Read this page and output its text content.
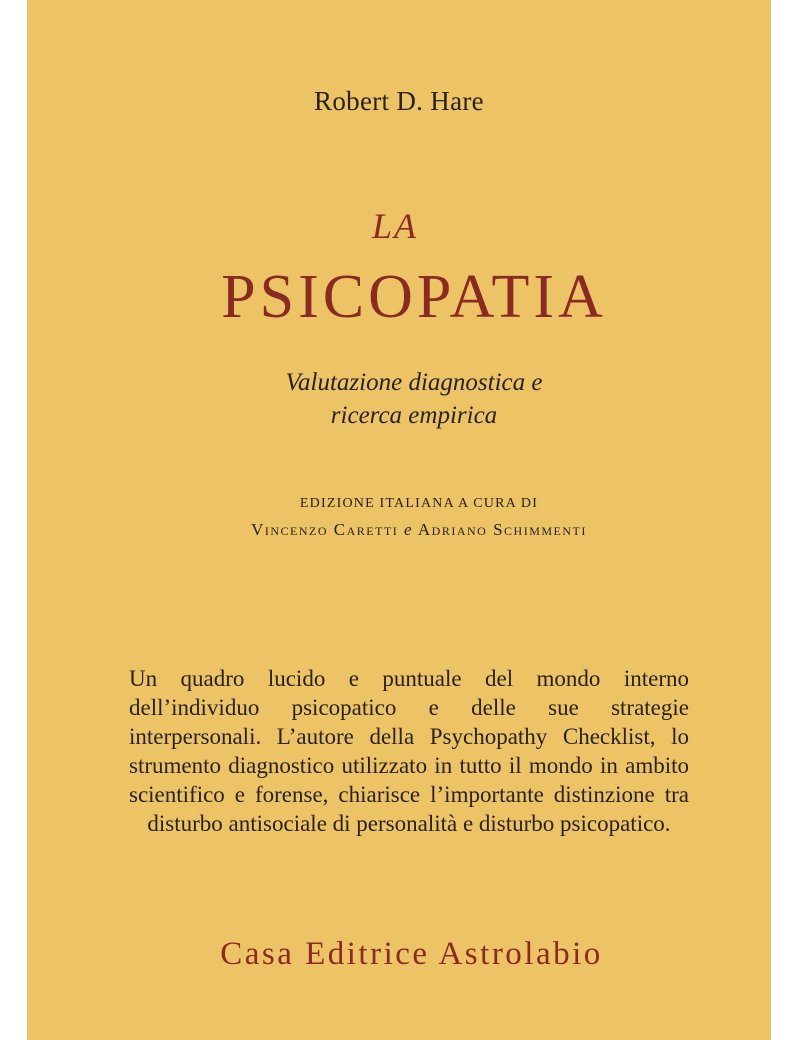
Robert D. Hare
LA
PSICOPATIA
Valutazione diagnostica e
ricerca empirica
EDIZIONE ITALIANA A CURA DI
Vincenzo Caretti e Adriano Schimmenti
Un quadro lucido e puntuale del mondo interno dell’individuo psicopatico e delle sue strategie interpersonali. L’autore della Psychopathy Checklist, lo strumento diagnostico utilizzato in tutto il mondo in ambito scientifico e forense, chiarisce l’importante distinzione tra disturbo antisociale di personalità e disturbo psicopatico.
Casa Editrice Astrolabio
